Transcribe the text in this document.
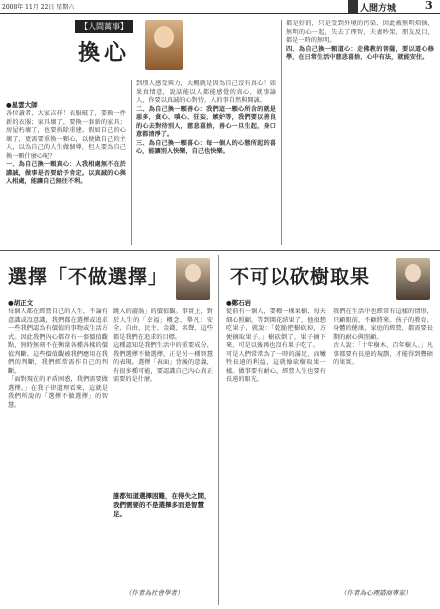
2008年 11月 22日 星期六	人間方城	3
【人間萬事】
換心
●星雲大師
各位讀者，大家吉祥！衣服破了，要換一件新的衣服；家具壞了，要換一套新的家具；房屋朽壞了，也要拆除重建。假如自己的心壞了，更需要重換一顆心，以便做自己的主人，以為自己的人生做個尊，但人要為自己換一顆什麼心呢？
一、為自己換一顆真心：人我相處無不在於講誠，做事是否要給予肯定。以真誠的心與人相處，能讓自己無往不利。
到別人感受與力，大概就是因為自己沒有真心！如果真情意，說話能以人都能感覺的真心，就事論人，你要以真誠的心對待，人的事自然與開誠。
二、為自己換一顆善心：我們這一顆心所含的就是惡多，貪心、嗔心、狂妄、嫉妒等，我們要以善良的心去對待別人，慈悲喜捨，善心一旦生起，身口意都清淨了。
三、為自己換一顆喜心：每一個人的心態所起的喜心，能讓別人快樂，自己也快樂。
都是好的，只是受到外境的污染，因此被無明煩惱，無明的心一起，失去了理智，夫妻吵架，朋友反目，都是一時的無明。
四、為自己換一顆道心：走佛教的菩薩，要以道心修學，在日常生活中慈悲喜捨，心中有法，就能安住。
選擇「不做選擇」
●胡正文
每個人都在經營自己的人生，不論有意識或沒意識，我們都在選擇或追求一些我們認為有價值的事物或生活方式。因此我們內心都存有一套價值觀點，無時無刻不在衡量各種各樣的價值判斷。這些價值觀被我們應用在我們的判斷，我們經常需作自己的判斷。
「面對現在的矛盾困惑，我們需要做選擇。」在我子律道理看來，這就是我們所說的「選擇不做選擇」的智慧。
跳入的漩渦」的價值觀。事實上，對於人生的「幸福」概念，舉凡：安全、自由、民主、金錢、名聲，這些都是我們在追求的目標。
這種認知是我們生活中的重要成分，我們選擇不做選擇，正是另一種智慧的表現。選擇「表面」背後的意義，有很多種可能，要認識自己內心真正需要的是什麼。
誰都知道選擇困難，在得失之間，我們需要的不是選擇多而是智慧足。
（作者為社會學者）
不可以砍樹取果
●鄭石岩
從前有一個人，要種一棵果樹，每天細心照顧，等到開花結果了，他很想吃果子，就說：「乾脆把樹砍掉，方便摘取果子。」樹砍倒了，果子摘下來，可是以後再也沒有果子吃了。
可是人們常常為了一時的滿足，而犧牲長遠的利益，這就像砍樹取果一樣。做事要有耐心，經營人生也要有長遠的眼光。
我們在生活中也經常有這樣的情形，只顧眼前，不顧將來。孩子的教育，身體的健康，家庭的經營，都需要長期的耐心與照顧。
古人說：「十年樹木，百年樹人。」凡事都要有長遠的規劃，才能得到豐碩的果實。
（作者為心理諮商專家）
